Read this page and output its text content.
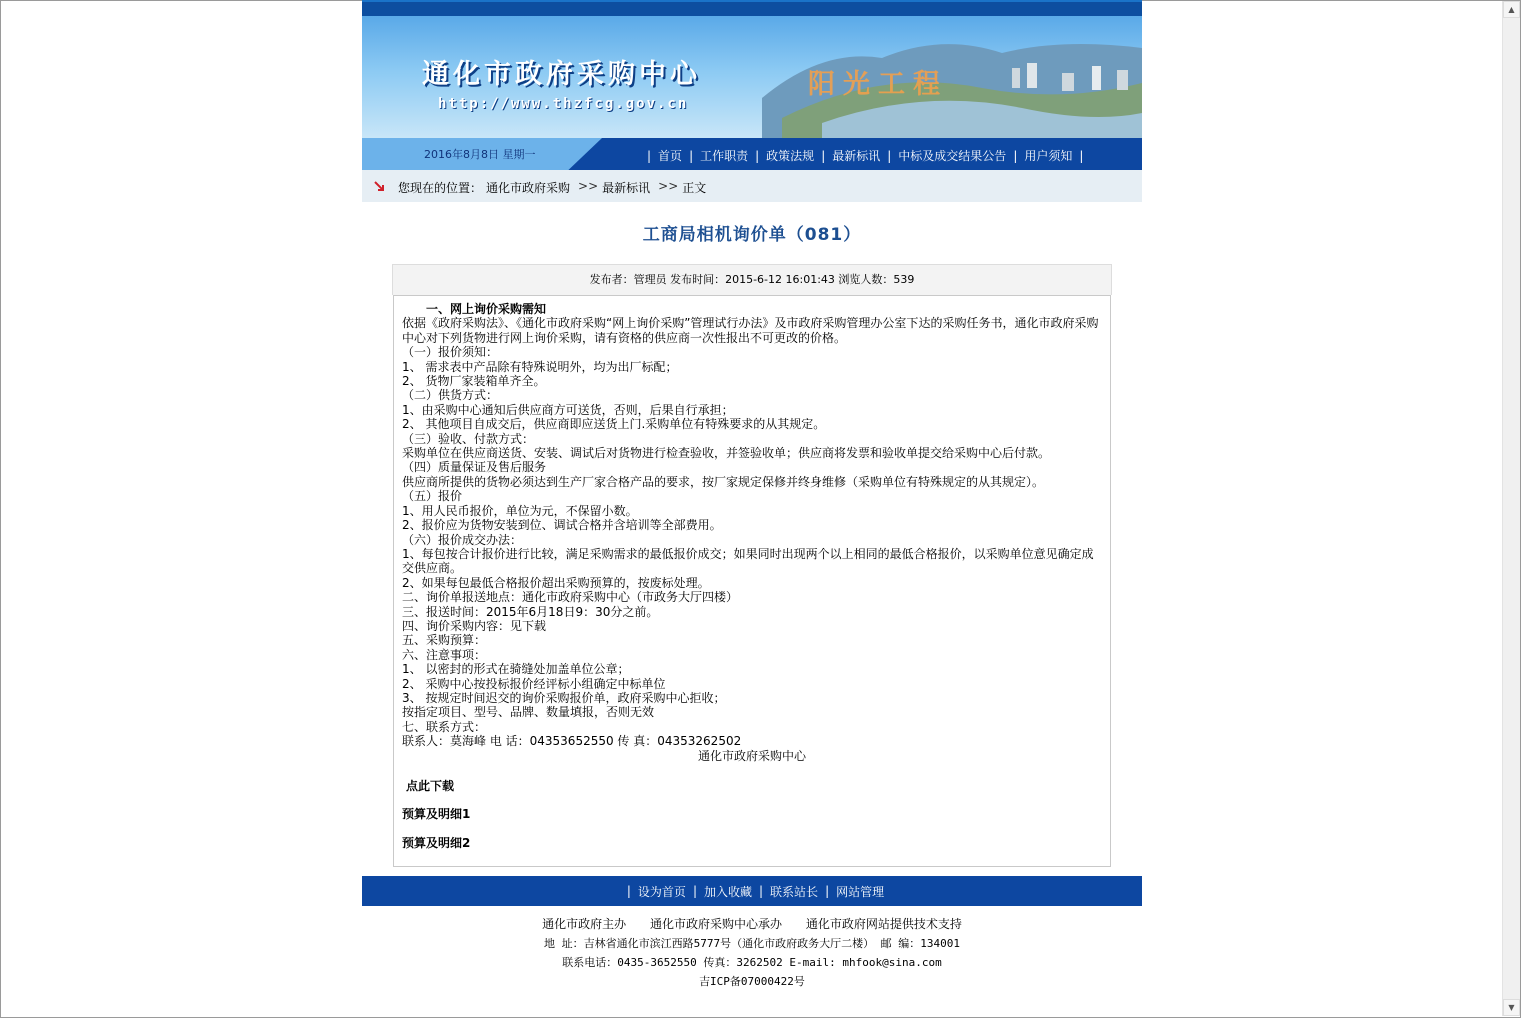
▲
▼
通化市政府采购中心
http://www.thzfcg.gov.cn
阳光工程
2016年8月8日 星期一	| 首页 | 工作职责 | 政策法规 | 最新标讯 | 中标及成交结果公告 | 用户须知 |
您现在的位置： 通化市政府采购 >> 最新标讯 >> 正文
工商局相机询价单（081）
发布者：管理员 发布时间：2015-6-12 16:01:43 浏览人数：539
一、网上询价采购需知
依据《政府采购法》、《通化市政府采购“网上询价采购”管理试行办法》及市政府采购管理办公室下达的采购任务书，通化市政府采购中心对下列货物进行网上询价采购，请有资格的供应商一次性报出不可更改的价格。
（一）报价须知：
1、 需求表中产品除有特殊说明外，均为出厂标配；
2、 货物厂家装箱单齐全。
（二）供货方式：
1、由采购中心通知后供应商方可送货，否则，后果自行承担；
2、 其他项目自成交后，供应商即应送货上门.采购单位有特殊要求的从其规定。
（三）验收、付款方式：
采购单位在供应商送货、安装、调试后对货物进行检查验收，并签验收单；供应商将发票和验收单提交给采购中心后付款。
（四）质量保证及售后服务
供应商所提供的货物必须达到生产厂家合格产品的要求，按厂家规定保修并终身维修（采购单位有特殊规定的从其规定）。
（五）报价
1、用人民币报价，单位为元，不保留小数。
2、报价应为货物安装到位、调试合格并含培训等全部费用。
（六）报价成交办法：
1、每包按合计报价进行比较，满足采购需求的最低报价成交；如果同时出现两个以上相同的最低合格报价，以采购单位意见确定成交供应商。
2、如果每包最低合格报价超出采购预算的，按废标处理。
二、询价单报送地点：通化市政府采购中心（市政务大厅四楼）
三、报送时间：2015年6月18日9：30分之前。
四、询价采购内容：见下载
五、采购预算：
六、注意事项：
1、 以密封的形式在骑缝处加盖单位公章；
2、 采购中心按投标报价经评标小组确定中标单位
3、 按规定时间迟交的询价采购报价单，政府采购中心拒收；
按指定项目、型号、品牌、数量填报，否则无效
七、联系方式：
联系人：莫海峰 电 话：04353652550 传 真：04353262502
通化市政府采购中心
点此下载
预算及明细1
预算及明细2
| 设为首页 | 加入收藏 | 联系站长 | 网站管理
通化市政府主办 通化市政府采购中心承办 通化市政府网站提供技术支持
地 址：吉林省通化市滨江西路5777号（通化市政府政务大厅二楼） 邮 编：134001
联系电话：0435-3652550 传真：3262502 E-mail: mhfook@sina.com
吉ICP备07000422号
